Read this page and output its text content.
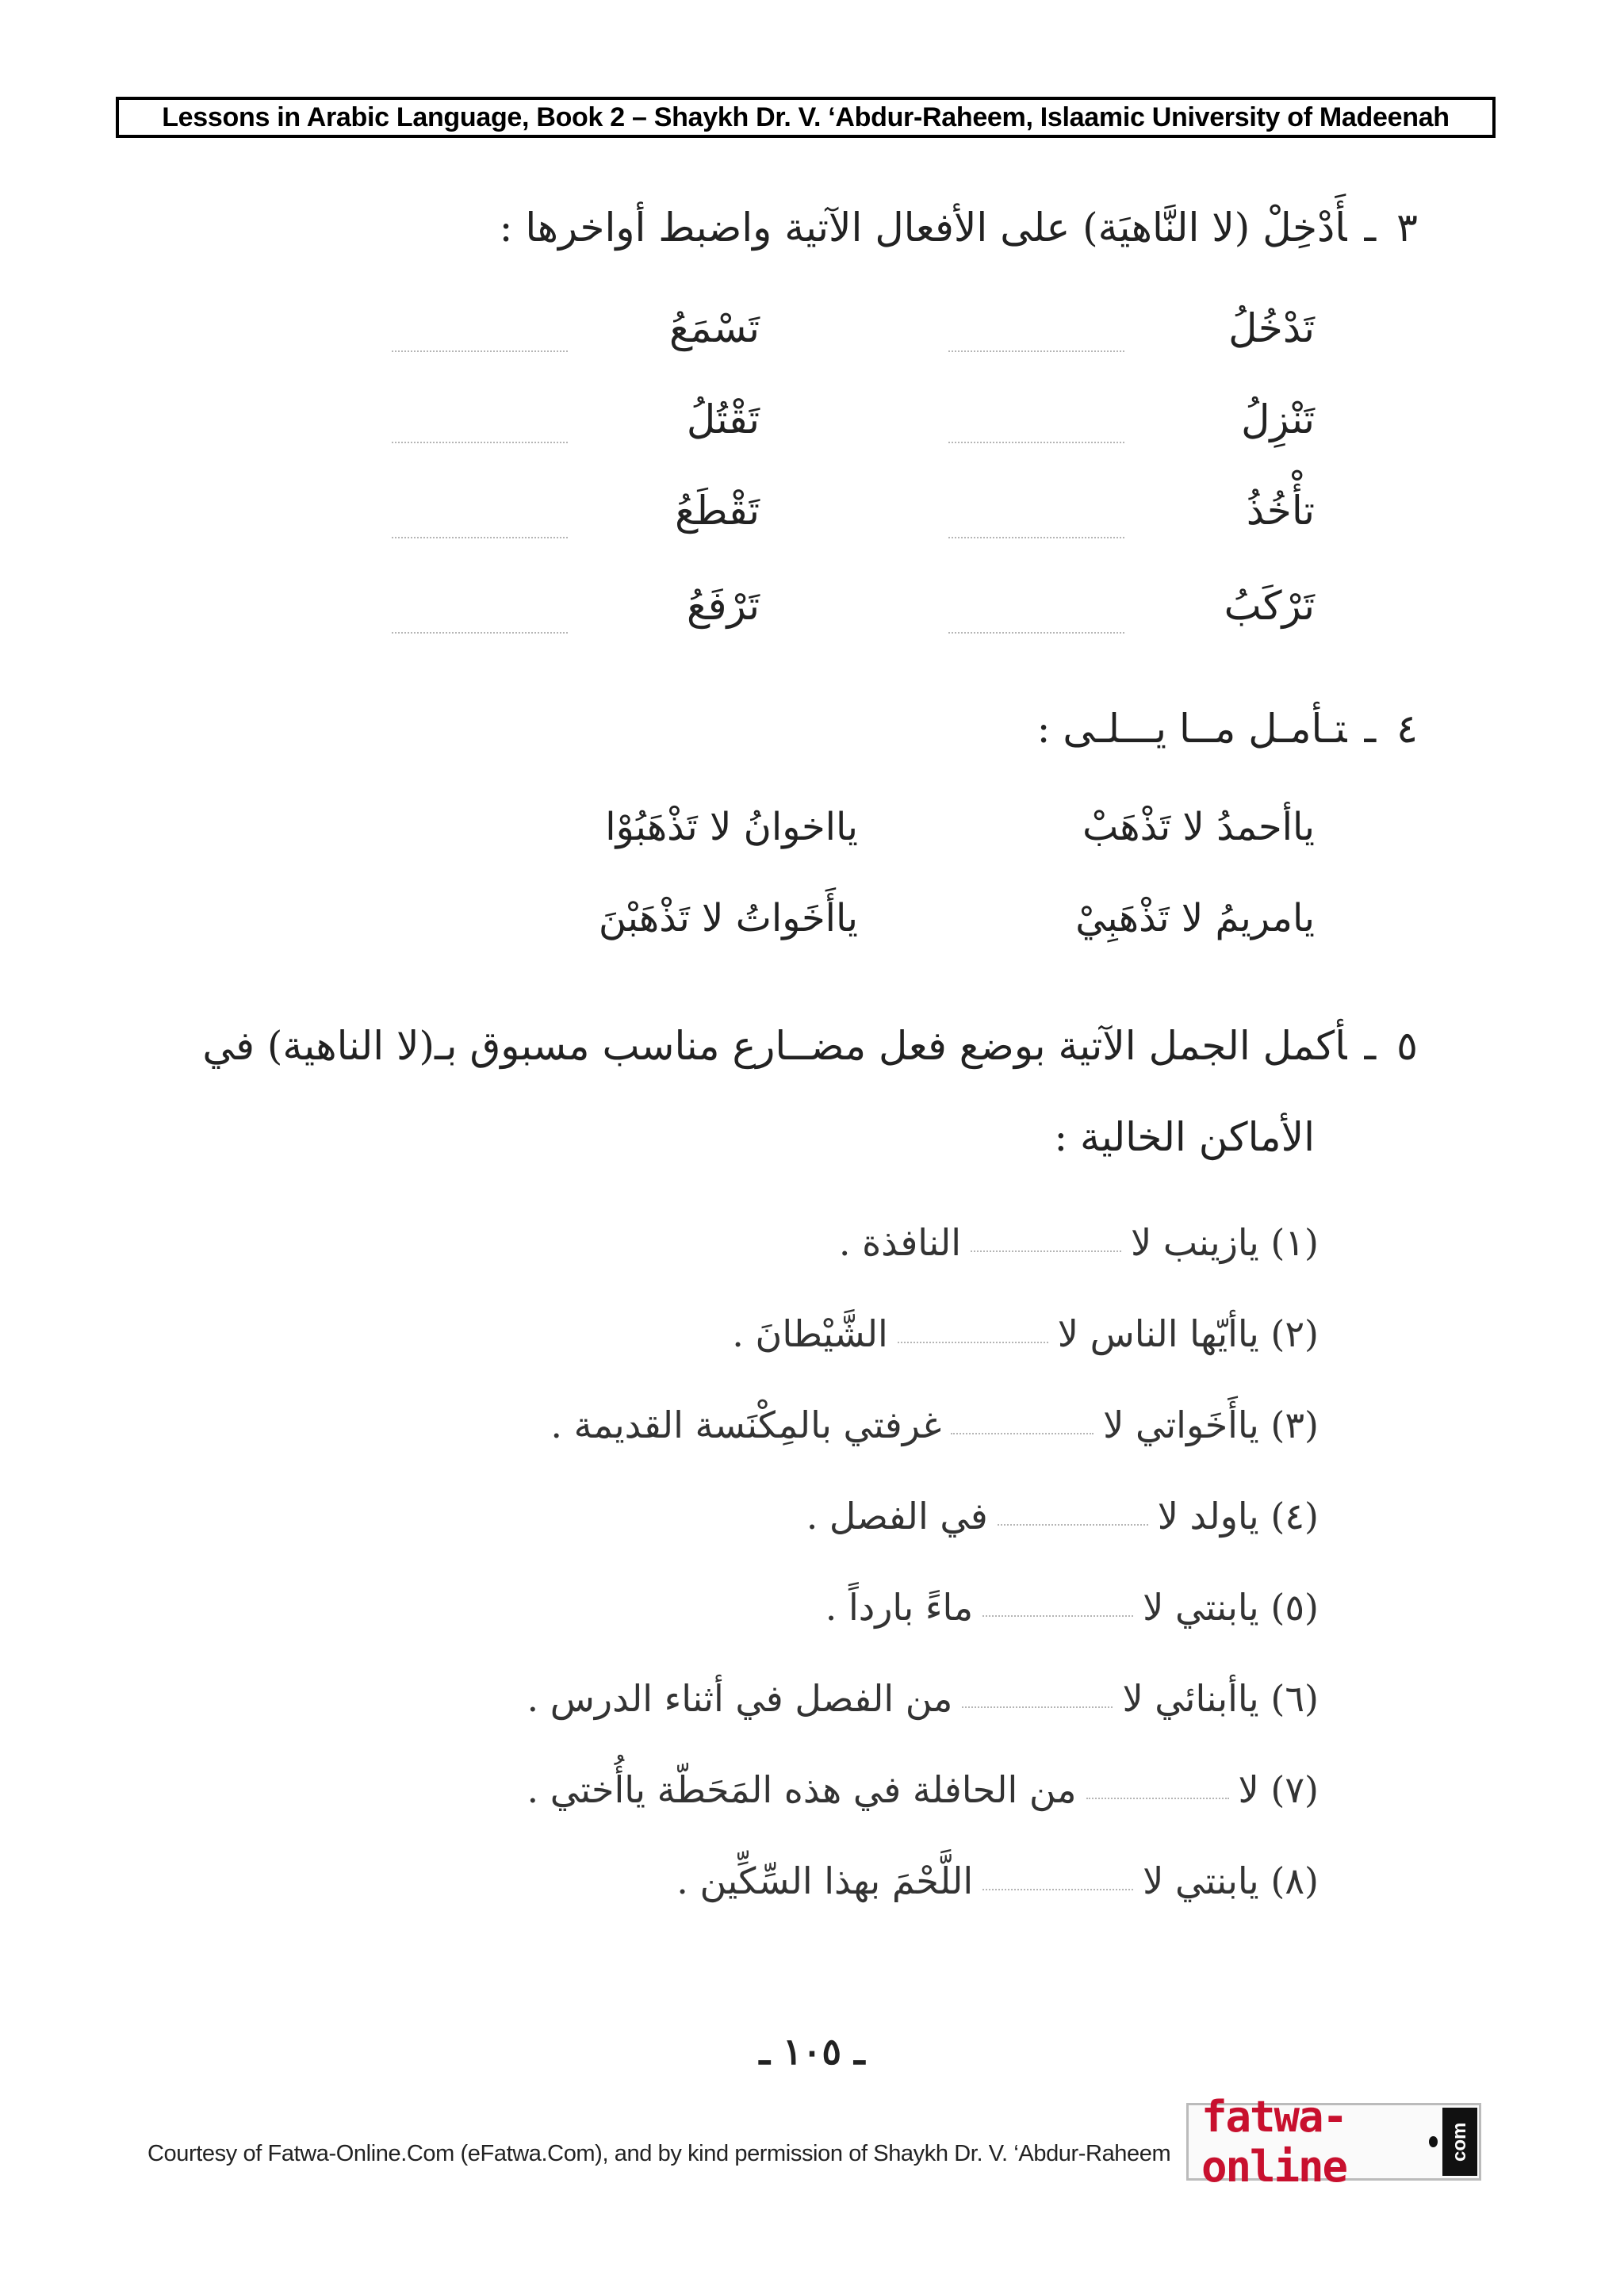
Lessons in Arabic Language, Book 2 – Shaykh Dr. V. ‘Abdur-Raheem, Islaamic University of Madeenah
٣ـأَدْخِلْ (لا النَّاهيَة) على الأفعال الآتية واضبط أواخرها :
تَدْخُلُ
تَسْمَعُ
تَنْزِلُ
تَقْتُلُ
تأْخُذُ
تَقْطَعُ
تَرْكَبُ
تَرْفَعُ
٤ـتـأمـل مــا يـــلـى :
ياأحمدُ لا تَذْهَبْ
يااخوانُ لا تَذْهَبُوْا
يامريمُ لا تَذْهَبِيْ
ياأَخَواتُ لا تَذْهَبْنَ
٥ـأكمل الجمل الآتية بوضع فعل مضــارع مناسب مسبوق بـ(لا الناهية) في
الأماكن الخالية :
(١) يازينب لاالنافذة .
(٢) ياأيّها الناس لاالشَّيْطانَ .
(٣) ياأَخَواتي لاغرفتي بالمِكْنَسة القديمة .
(٤) ياولد لافي الفصل .
(٥) يابنتي لاماءً بارداً .
(٦) ياأبنائي لامن الفصل في أثناء الدرس .
(٧) لامن الحافلة في هذه المَحَطّة ياأُختي .
(٨) يابنتي لااللَّحْمَ بهذا السِّكِّين .
ـ ١٠٥ ـ
Courtesy of Fatwa-Online.Com (eFatwa.Com), and by kind permission of Shaykh Dr. V. ‘Abdur-Raheem
fatwa-online	com
